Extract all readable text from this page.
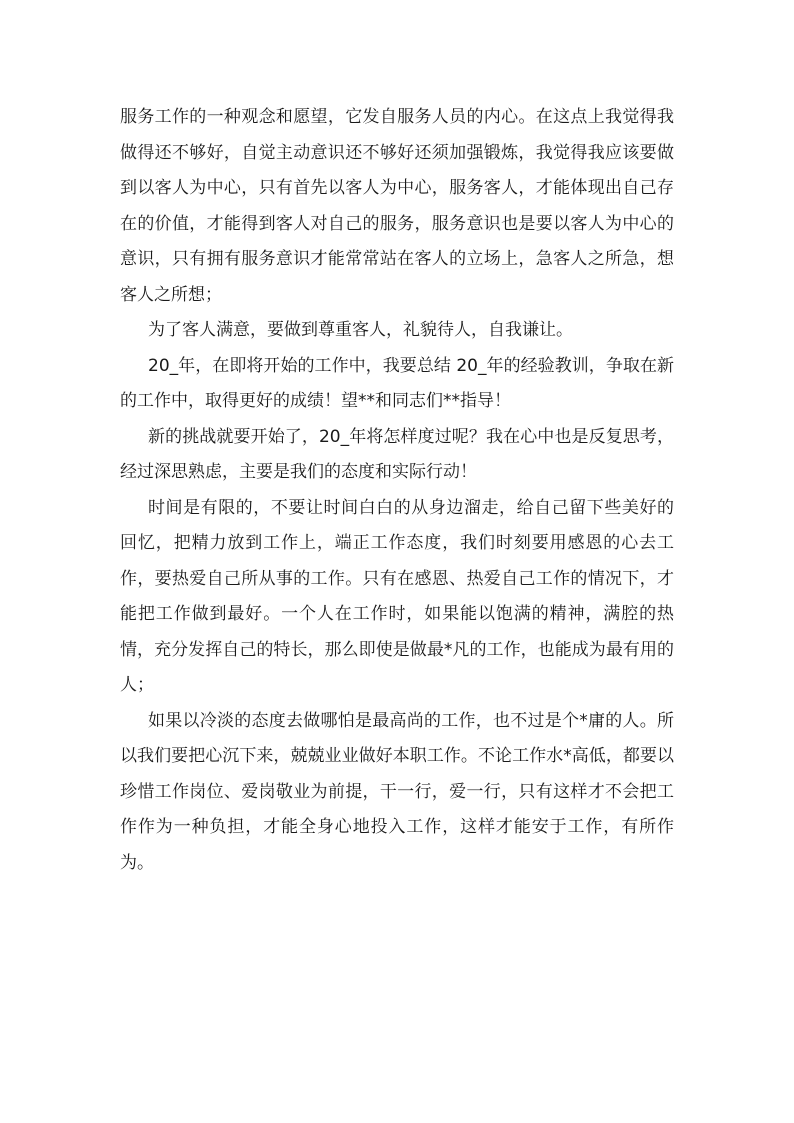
服务工作的一种观念和愿望，它发自服务人员的内心。在这点上我觉得我做得还不够好，自觉主动意识还不够好还须加强锻炼，我觉得我应该要做到以客人为中心，只有首先以客人为中心，服务客人，才能体现出自己存在的价值，才能得到客人对自己的服务，服务意识也是要以客人为中心的意识，只有拥有服务意识才能常常站在客人的立场上，急客人之所急，想客人之所想；

为了客人满意，要做到尊重客人，礼貌待人，自我谦让。

20_年，在即将开始的工作中，我要总结 20_年的经验教训，争取在新的工作中，取得更好的成绩！望**和同志们**指导！

新的挑战就要开始了，20_年将怎样度过呢？我在心中也是反复思考，经过深思熟虑，主要是我们的态度和实际行动！

时间是有限的，不要让时间白白的从身边溜走，给自己留下些美好的回忆，把精力放到工作上，端正工作态度，我们时刻要用感恩的心去工作，要热爱自己所从事的工作。只有在感恩、热爱自己工作的情况下，才能把工作做到最好。一个人在工作时，如果能以饱满的精神，满腔的热情，充分发挥自己的特长，那么即使是做最*凡的工作，也能成为最有用的人；

如果以冷淡的态度去做哪怕是最高尚的工作，也不过是个*庸的人。所以我们要把心沉下来，兢兢业业做好本职工作。不论工作水*高低，都要以珍惜工作岗位、爱岗敬业为前提，干一行，爱一行，只有这样才不会把工作作为一种负担，才能全身心地投入工作，这样才能安于工作，有所作为。
